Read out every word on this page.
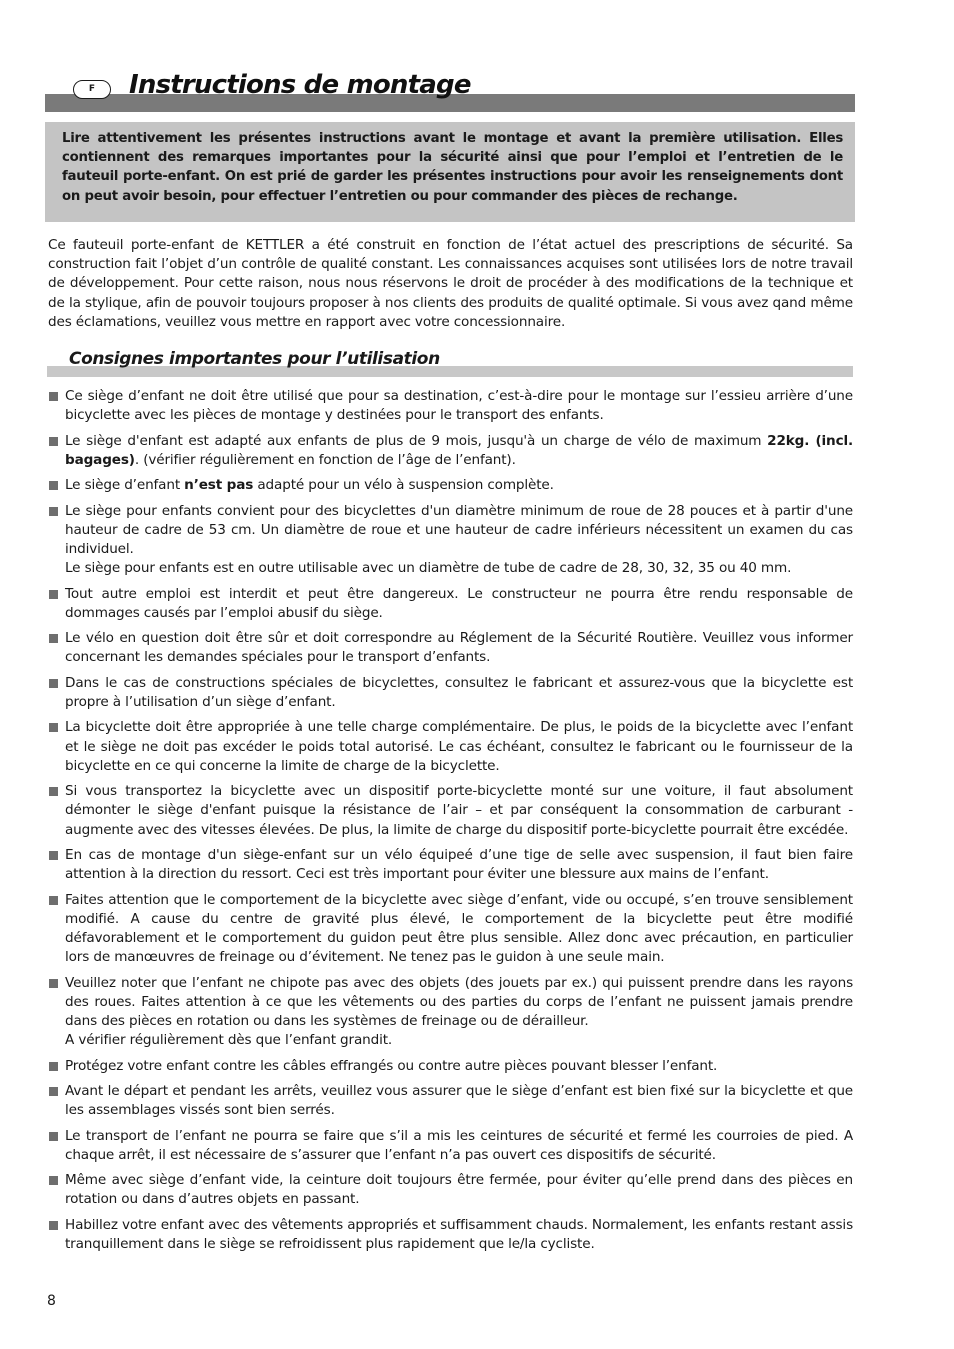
F	Instructions de montage

Lire attentivement les présentes instructions avant le montage et avant la première utilisation. Elles contiennent des remarques importantes pour la sécurité ainsi que pour l’emploi et l’entretien de le fauteuil porte-enfant. On est prié de garder les présentes instructions pour avoir les renseignements dont on peut avoir besoin, pour effectuer l’entretien ou pour commander des pièces de rechange.

Ce fauteuil porte-enfant de KETTLER a été construit en fonction de l’état actuel des prescriptions de sécurité. Sa construction fait l’objet d’un contrôle de qualité constant. Les connaissances acquises sont utilisées lors de notre travail de développement. Pour cette raison, nous nous réservons le droit de procéder à des modifications de la technique et de la stylique, afin de pouvoir toujours proposer à nos clients des produits de qualité optimale. Si vous avez qand même des éclamations, veuillez vous mettre en rapport avec votre concessionnaire.

Consignes importantes pour l’utilisation
Ce siège d’enfant ne doit être utilisé que pour sa destination, c’est-à-dire pour le montage sur l’essieu arrière d’une bicyclette avec les pièces de montage y destinées pour le transport des enfants.
Le siège d'enfant est adapté aux enfants de plus de 9 mois, jusqu'à un charge de vélo de maximum 22kg. (incl. bagages). (vérifier régulièrement en fonction de l’âge de l’enfant).
Le siège d’enfant n’est pas adapté pour un vélo à suspension complète.
Le siège pour enfants convient pour des bicyclettes d'un diamètre minimum de roue de 28 pouces et à partir d'une hauteur de cadre de 53 cm. Un diamètre de roue et une hauteur de cadre inférieurs nécessitent un examen du cas individuel.
Le siège pour enfants est en outre utilisable avec un diamètre de tube de cadre de 28, 30, 32, 35 ou 40 mm.
Tout autre emploi est interdit et peut être dangereux. Le constructeur ne pourra être rendu responsable de dommages causés par l’emploi abusif du siège.
Le vélo en question doit être sûr et doit correspondre au Réglement de la Sécurité Routière. Veuillez vous informer concernant les demandes spéciales pour le transport d’enfants.
Dans le cas de constructions spéciales de bicyclettes, consultez le fabricant et assurez-vous que la bicyclette est propre à l’utilisation d’un siège d’enfant.
La bicyclette doit être appropriée à une telle charge complémentaire. De plus, le poids de la bicyclette avec l’enfant et le siège ne doit pas excéder le poids total autorisé. Le cas échéant, consultez le fabricant ou le fournisseur de la bicyclette en ce qui concerne la limite de charge de la bicyclette.
Si vous transportez la bicyclette avec un dispositif porte-bicyclette monté sur une voiture, il faut absolument démonter le siège d'enfant puisque la résistance de l’air – et par conséquent la consommation de carburant - augmente avec des vitesses élevées. De plus, la limite de charge du dispositif porte-bicyclette pourrait être excédée.
En cas de montage d'un siège-enfant sur un vélo équipeé d’une tige de selle avec suspension, il faut bien faire attention à la direction du ressort. Ceci est très important pour éviter une blessure aux mains de l’enfant.
Faites attention que le comportement de la bicyclette avec siège d’enfant, vide ou occupé, s’en trouve sensiblement modifié. A cause du centre de gravité plus élevé, le comportement de la bicyclette peut être modifié défavorablement et le comportement du guidon peut être plus sensible. Allez donc avec précaution, en particulier lors de manœuvres de freinage ou d’évitement. Ne tenez pas le guidon à une seule main.
Veuillez noter que l’enfant ne chipote pas avec des objets (des jouets par ex.) qui puissent prendre dans les rayons des roues. Faites attention à ce que les vêtements ou des parties du corps de l’enfant ne puissent jamais prendre dans des pièces en rotation ou dans les systèmes de freinage ou de dérailleur.
A vérifier régulièrement dès que l’enfant grandit.
Protégez votre enfant contre les câbles effrangés ou contre autre pièces pouvant blesser l’enfant.
Avant le départ et pendant les arrêts, veuillez vous assurer que le siège d’enfant est bien fixé sur la bicyclette et que les assemblages vissés sont bien serrés.
Le transport de l’enfant ne pourra se faire que s’il a mis les ceintures de sécurité et fermé les courroies de pied. A chaque arrêt, il est nécessaire de s’assurer que l’enfant n’a pas ouvert ces dispositifs de sécurité.
Même avec siège d’enfant vide, la ceinture doit toujours être fermée, pour éviter qu’elle prend dans des pièces en rotation ou dans d’autres objets en passant.
Habillez votre enfant avec des vêtements appropriés et suffisamment chauds. Normalement, les enfants restant assis tranquillement dans le siège se refroidissent plus rapidement que le/la cycliste.

8
